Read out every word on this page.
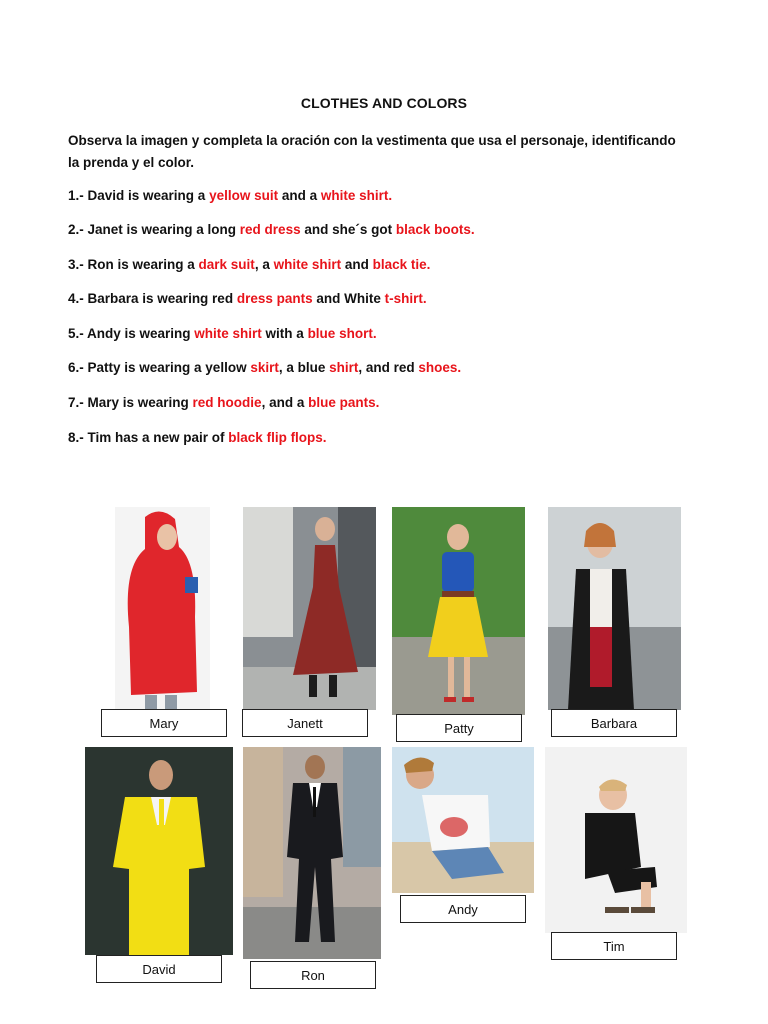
CLOTHES AND COLORS
Observa la imagen y completa la oración con la vestimenta que usa el personaje, identificando la prenda y el color.
1.- David is wearing a yellow suit and a white shirt.
2.- Janet is wearing a long red dress and she´s got black boots.
3.- Ron is wearing a dark suit, a white shirt and black tie.
4.- Barbara is wearing red dress pants and White t-shirt.
5.- Andy is wearing white shirt with a blue short.
6.- Patty is wearing a yellow skirt, a blue shirt, and red shoes.
7.- Mary is wearing red hoodie, and a blue pants.
8.- Tim has a new pair of black flip flops.
Mary	Janett	Patty	Barbara
David	Ron
Andy
Tim
